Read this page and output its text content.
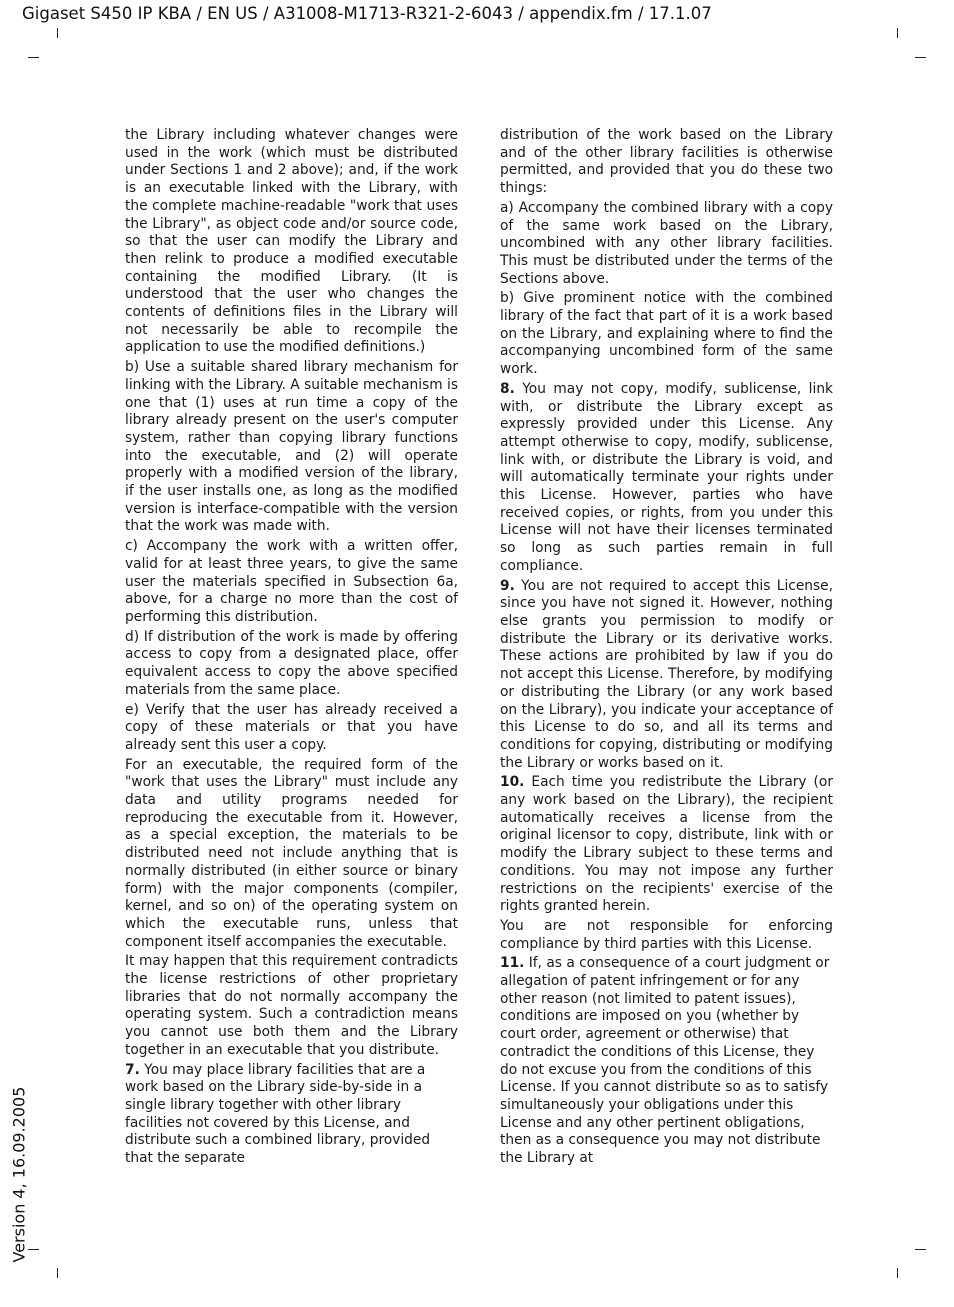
Gigaset S450 IP KBA / EN US / A31008-M1713-R321-2-6043 / appendix.fm / 17.1.07

the Library including whatever changes were used in the work (which must be distributed under Sections 1 and 2 above); and, if the work is an executable linked with the Library, with the complete machine-readable "work that uses the Library", as object code and/or source code, so that the user can modify the Library and then relink to produce a modified executable containing the modified Library. (It is understood that the user who changes the contents of definitions files in the Library will not necessarily be able to recompile the application to use the modified definitions.)

b) Use a suitable shared library mechanism for linking with the Library. A suitable mechanism is one that (1) uses at run time a copy of the library already present on the user's computer system, rather than copying library functions into the executable, and (2) will operate properly with a modified version of the library, if the user installs one, as long as the modified version is interface-compatible with the version that the work was made with.

c) Accompany the work with a written offer, valid for at least three years, to give the same user the materials specified in Subsection 6a, above, for a charge no more than the cost of performing this distribution.

d) If distribution of the work is made by offering access to copy from a designated place, offer equivalent access to copy the above specified materials from the same place.

e) Verify that the user has already received a copy of these materials or that you have already sent this user a copy.

For an executable, the required form of the "work that uses the Library" must include any data and utility programs needed for reproducing the executable from it. However, as a special exception, the materials to be distributed need not include anything that is normally distributed (in either source or binary form) with the major components (compiler, kernel, and so on) of the operating system on which the executable runs, unless that component itself accompanies the executable.

It may happen that this requirement contradicts the license restrictions of other proprietary libraries that do not normally accompany the operating system. Such a contradiction means you cannot use both them and the Library together in an executable that you distribute.

7. You may place library facilities that are a work based on the Library side-by-side in a single library together with other library facilities not covered by this License, and distribute such a combined library, provided that the separate

distribution of the work based on the Library and of the other library facilities is otherwise permitted, and provided that you do these two things:

a) Accompany the combined library with a copy of the same work based on the Library, uncombined with any other library facilities. This must be distributed under the terms of the Sections above.

b) Give prominent notice with the combined library of the fact that part of it is a work based on the Library, and explaining where to find the accompanying uncombined form of the same work.

8. You may not copy, modify, sublicense, link with, or distribute the Library except as expressly provided under this License. Any attempt otherwise to copy, modify, sublicense, link with, or distribute the Library is void, and will automatically terminate your rights under this License. However, parties who have received copies, or rights, from you under this License will not have their licenses terminated so long as such parties remain in full compliance.

9. You are not required to accept this License, since you have not signed it. However, nothing else grants you permission to modify or distribute the Library or its derivative works. These actions are prohibited by law if you do not accept this License. Therefore, by modifying or distributing the Library (or any work based on the Library), you indicate your acceptance of this License to do so, and all its terms and conditions for copying, distributing or modifying the Library or works based on it.

10. Each time you redistribute the Library (or any work based on the Library), the recipient automatically receives a license from the original licensor to copy, distribute, link with or modify the Library subject to these terms and conditions. You may not impose any further restrictions on the recipients' exercise of the rights granted herein.

You are not responsible for enforcing compliance by third parties with this License.

11. If, as a consequence of a court judgment or allegation of patent infringement or for any other reason (not limited to patent issues), conditions are imposed on you (whether by court order, agreement or otherwise) that contradict the conditions of this License, they do not excuse you from the conditions of this License. If you cannot distribute so as to satisfy simultaneously your obligations under this License and any other pertinent obligations, then as a consequence you may not distribute the Library at

Version 4, 16.09.2005
